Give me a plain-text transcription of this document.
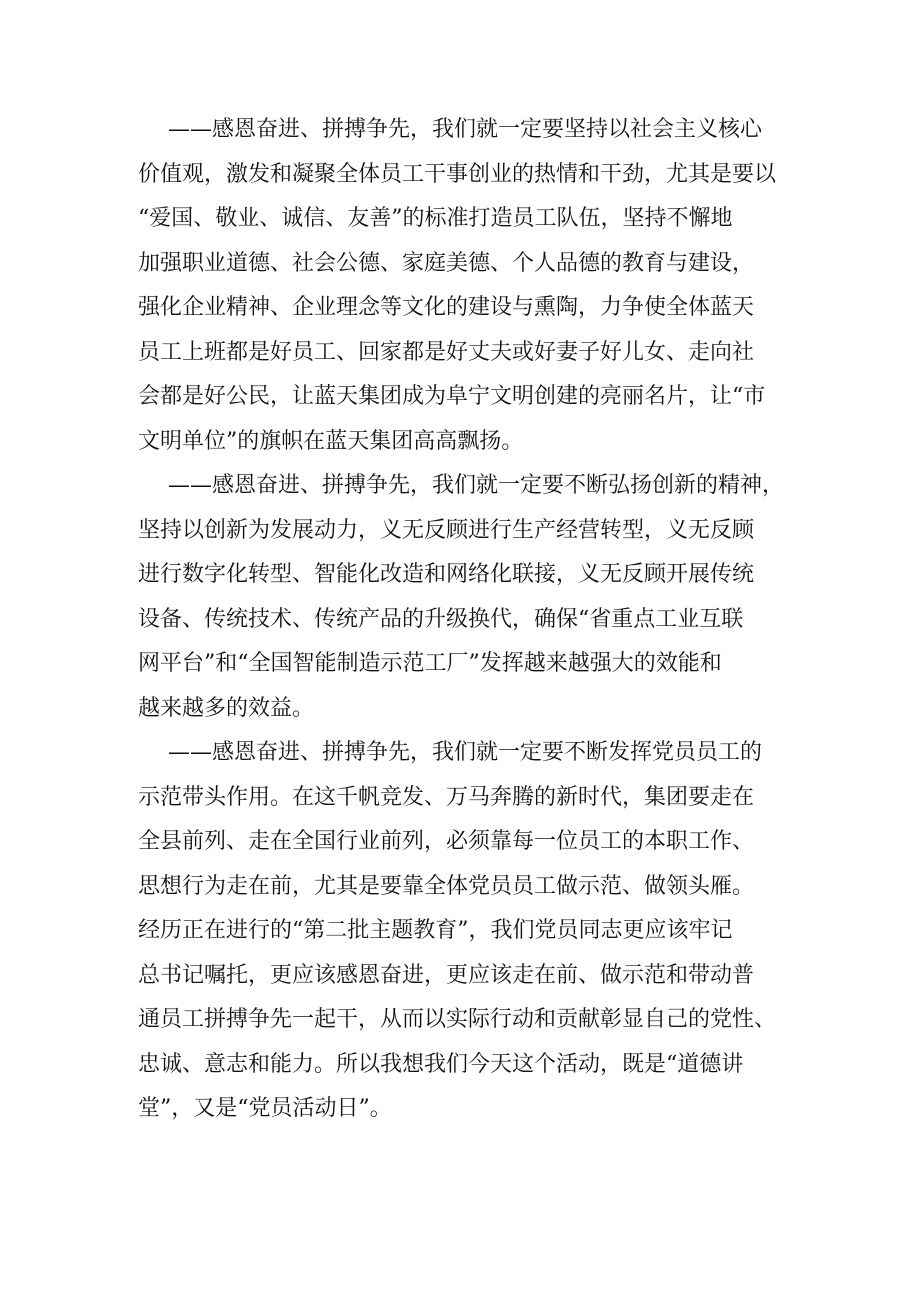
——感恩奋进、拼搏争先，我们就一定要坚持以社会主义核心
价值观，激发和凝聚全体员工干事创业的热情和干劲，尤其是要以
“爱国、敬业、诚信、友善”的标准打造员工队伍，坚持不懈地
加强职业道德、社会公德、家庭美德、个人品德的教育与建设，
强化企业精神、企业理念等文化的建设与熏陶，力争使全体蓝天
员工上班都是好员工、回家都是好丈夫或好妻子好儿女、走向社
会都是好公民，让蓝天集团成为阜宁文明创建的亮丽名片，让“市
文明单位”的旗帜在蓝天集团高高飘扬。
——感恩奋进、拼搏争先，我们就一定要不断弘扬创新的精神，
坚持以创新为发展动力，义无反顾进行生产经营转型，义无反顾
进行数字化转型、智能化改造和网络化联接，义无反顾开展传统
设备、传统技术、传统产品的升级换代，确保“省重点工业互联
网平台”和“全国智能制造示范工厂”发挥越来越强大的效能和
越来越多的效益。
——感恩奋进、拼搏争先，我们就一定要不断发挥党员员工的
示范带头作用。在这千帆竞发、万马奔腾的新时代，集团要走在
全县前列、走在全国行业前列，必须靠每一位员工的本职工作、
思想行为走在前，尤其是要靠全体党员员工做示范、做领头雁。
经历正在进行的“第二批主题教育”，我们党员同志更应该牢记
总书记嘱托，更应该感恩奋进，更应该走在前、做示范和带动普
通员工拼搏争先一起干，从而以实际行动和贡献彰显自己的党性、
忠诚、意志和能力。所以我想我们今天这个活动，既是“道德讲
堂”，又是“党员活动日”。
